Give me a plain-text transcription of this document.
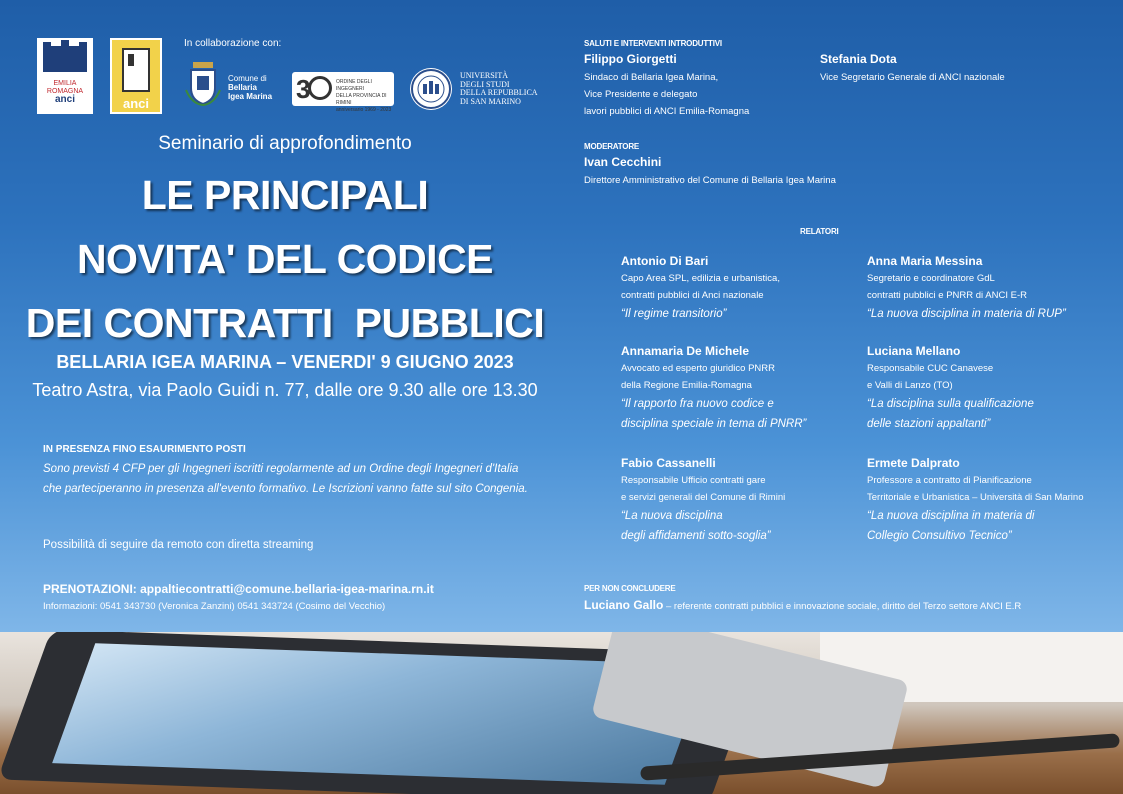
EMILIA
ROMAGNA
anci	anci
In collaborazione con:
Comune di
Bellaria
Igea Marina 3	ORDINE DEGLI INGEGNERI
DELLA PROVINCIA DI RIMINI
anniversario 1969 - 2023
UNIVERSITÀ
DEGLI STUDI
DELLA REPUBBLICA
DI SAN MARINO
Seminario di approfondimento
LE PRINCIPALI
NOVITA' DEL CODICE
DEI CONTRATTI  PUBBLICI
BELLARIA IGEA MARINA – VENERDI' 9 GIUGNO 2023
Teatro Astra, via Paolo Guidi n. 77, dalle ore 9.30 alle ore 13.30
IN PRESENZA FINO ESAURIMENTO POSTI
Sono previsti 4 CFP per gli Ingegneri iscritti regolarmente ad un Ordine degli Ingegneri d'Italia che parteciperanno in presenza all'evento formativo. Le Iscrizioni vanno fatte sul sito Congenia.
Possibilità di seguire da remoto con diretta streaming
PRENOTAZIONI: appaltiecontratti@comune.bellaria-igea-marina.rn.it
Informazioni: 0541 343730 (Veronica Zanzini) 0541 343724 (Cosimo del Vecchio)
SALUTI E INTERVENTI INTRODUTTIVI
Filippo Giorgetti
Sindaco di Bellaria Igea Marina,
Vice Presidente e delegato
lavori pubblici di ANCI Emilia-Romagna
Stefania Dota
Vice Segretario Generale di ANCI nazionale
MODERATORE
Ivan Cecchini
Direttore Amministrativo del Comune di Bellaria Igea Marina
RELATORI
Antonio Di Bari
Capo Area SPL, edilizia e urbanistica,
contratti pubblici di Anci nazionale
“Il regime transitorio”
Anna Maria Messina
Segretario e coordinatore GdL
contratti pubblici e PNRR di ANCI E-R
“La nuova disciplina in materia di RUP”
Annamaria De Michele
Avvocato ed esperto giuridico PNRR
della Regione Emilia-Romagna
“Il rapporto fra nuovo codice e
disciplina speciale in tema di PNRR”
Luciana Mellano
Responsabile CUC Canavese
e Valli di Lanzo (TO)
“La disciplina sulla qualificazione
delle stazioni appaltanti”
Fabio Cassanelli
Responsabile Ufficio contratti gare
e servizi generali del Comune di Rimini
“La nuova disciplina
degli affidamenti sotto-soglia”
Ermete Dalprato
Professore a contratto di Pianificazione
Territoriale e Urbanistica – Università di San Marino
“La nuova disciplina in materia di
Collegio Consultivo Tecnico”
PER NON CONCLUDERE
Luciano Gallo – referente contratti pubblici e innovazione sociale, diritto del Terzo settore ANCI E.R
